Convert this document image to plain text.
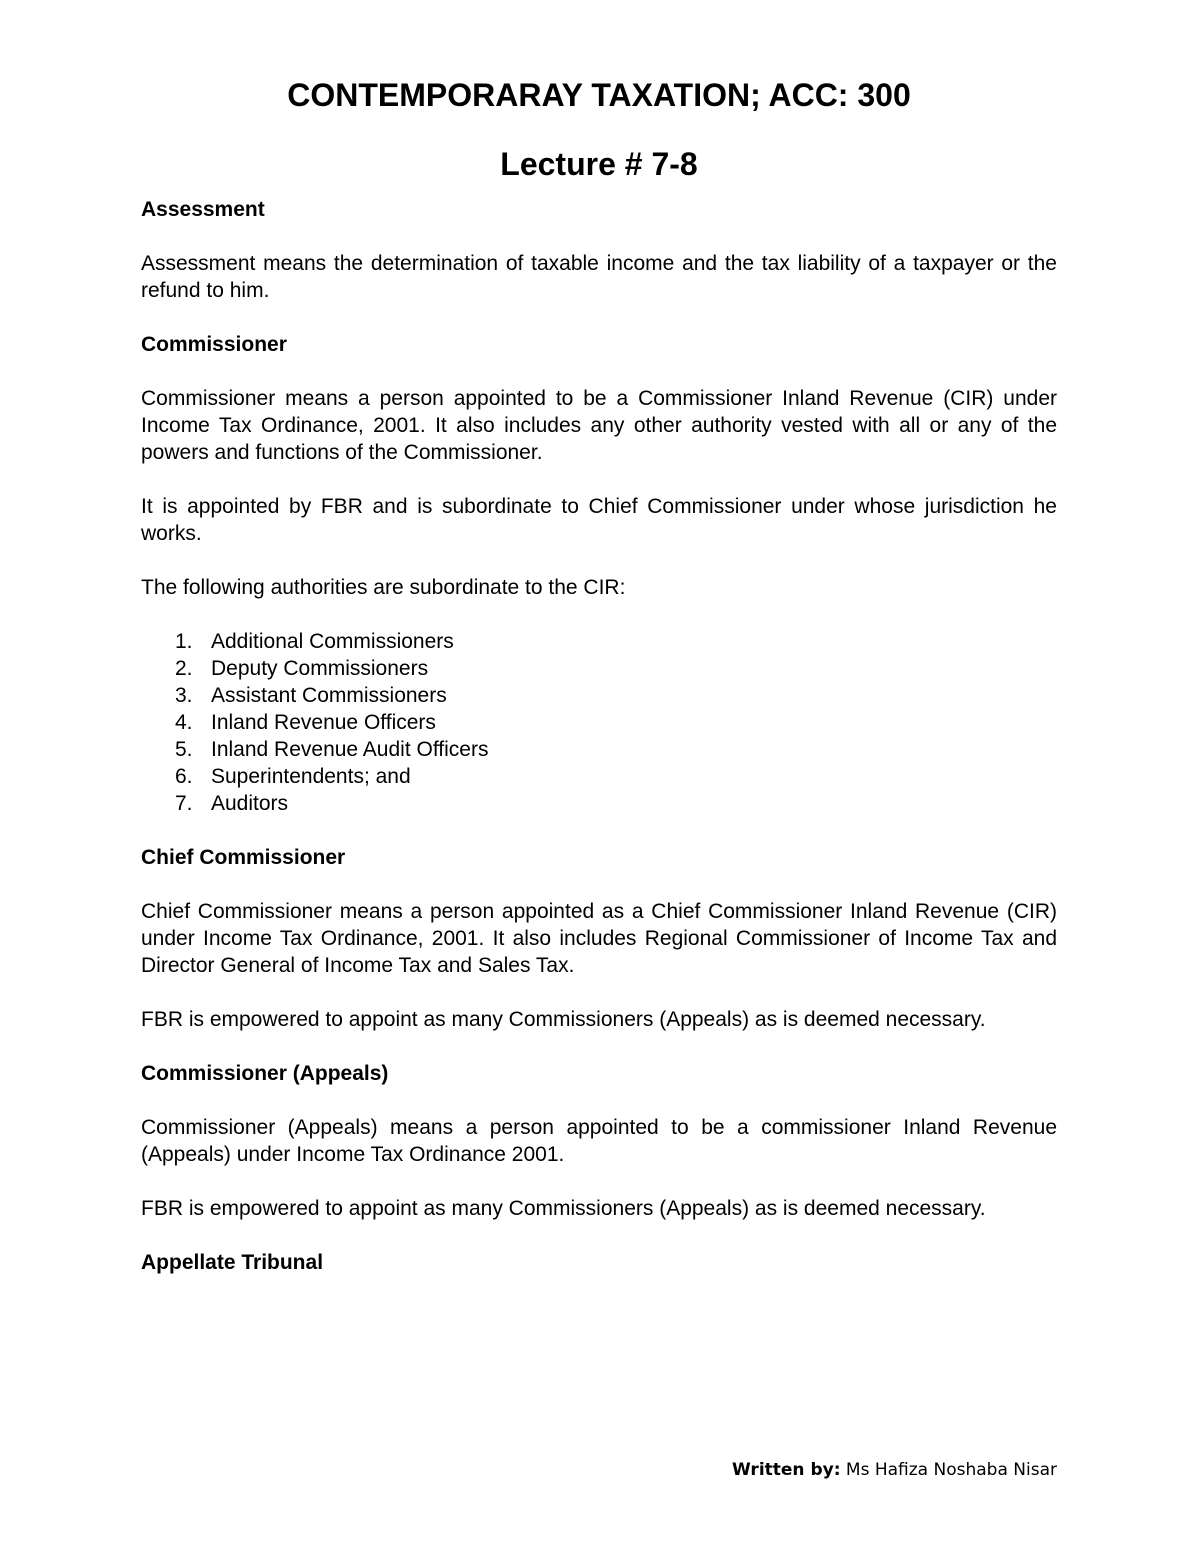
CONTEMPORARAY TAXATION; ACC: 300
Lecture # 7-8
Assessment

Assessment means the determination of taxable income and the tax liability of a taxpayer or the refund to him.

Commissioner

Commissioner means a person appointed to be a Commissioner Inland Revenue (CIR) under Income Tax Ordinance, 2001. It also includes any other authority vested with all or any of the powers and functions of the Commissioner.

It is appointed by FBR and is subordinate to Chief Commissioner under whose jurisdiction he works.

The following authorities are subordinate to the CIR:

1. Additional Commissioners
2. Deputy Commissioners
3. Assistant Commissioners
4. Inland Revenue Officers
5. Inland Revenue Audit Officers
6. Superintendents; and
7. Auditors
Chief Commissioner

Chief Commissioner means a person appointed as a Chief Commissioner Inland Revenue (CIR) under Income Tax Ordinance, 2001. It also includes Regional Commissioner of Income Tax and Director General of Income Tax and Sales Tax.

FBR is empowered to appoint as many Commissioners (Appeals) as is deemed necessary.

Commissioner (Appeals)

Commissioner (Appeals) means a person appointed to be a commissioner Inland Revenue (Appeals) under Income Tax Ordinance 2001.

FBR is empowered to appoint as many Commissioners (Appeals) as is deemed necessary.

Appellate Tribunal
Written by: Ms Hafiza Noshaba Nisar
